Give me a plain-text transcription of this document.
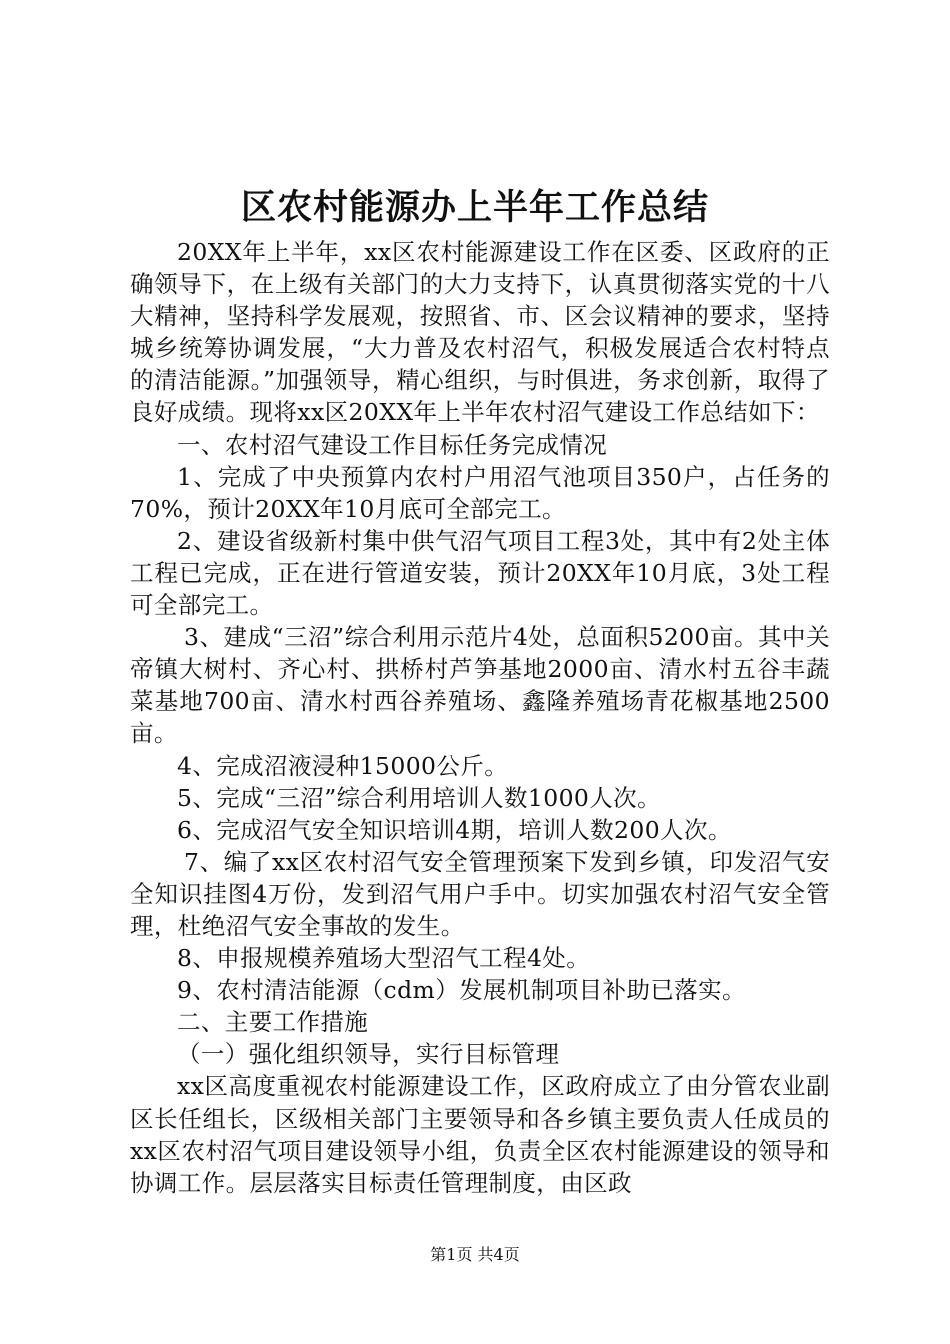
区农村能源办上半年工作总结

20XX年上半年，xx区农村能源建设工作在区委、区政府的正确领导下，在上级有关部门的大力支持下，认真贯彻落实党的十八大精神，坚持科学发展观，按照省、市、区会议精神的要求，坚持城乡统筹协调发展，“大力普及农村沼气，积极发展适合农村特点的清洁能源。”加强领导，精心组织，与时俱进，务求创新，取得了良好成绩。现将xx区20XX年上半年农村沼气建设工作总结如下：

一、农村沼气建设工作目标任务完成情况

1、完成了中央预算内农村户用沼气池项目350户，占任务的70%，预计20XX年10月底可全部完工。

2、建设省级新村集中供气沼气项目工程3处，其中有2处主体工程已完成，正在进行管道安装，预计20XX年10月底，3处工程可全部完工。

3、建成“三沼”综合利用示范片4处，总面积5200亩。其中关帝镇大树村、齐心村、拱桥村芦笋基地2000亩、清水村五谷丰蔬菜基地700亩、清水村西谷养殖场、鑫隆养殖场青花椒基地2500亩。

4、完成沼液浸种15000公斤。

5、完成“三沼”综合利用培训人数1000人次。

6、完成沼气安全知识培训4期，培训人数200人次。

7、编了xx区农村沼气安全管理预案下发到乡镇，印发沼气安全知识挂图4万份，发到沼气用户手中。切实加强农村沼气安全管理，杜绝沼气安全事故的发生。

8、申报规模养殖场大型沼气工程4处。

9、农村清洁能源（cdm）发展机制项目补助已落实。

二、主要工作措施

（一）强化组织领导，实行目标管理

xx区高度重视农村能源建设工作，区政府成立了由分管农业副区长任组长，区级相关部门主要领导和各乡镇主要负责人任成员的xx区农村沼气项目建设领导小组，负责全区农村能源建设的领导和协调工作。层层落实目标责任管理制度，由区政

第1页 共4页
